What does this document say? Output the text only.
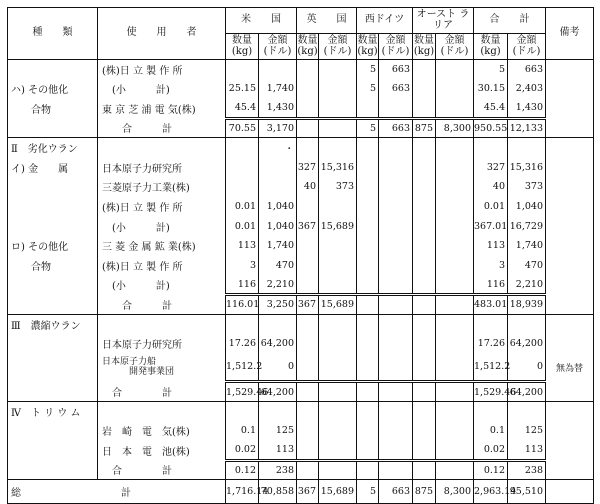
種　　類	使　　用　　者	米　　国		英　　国		西ドイツ		オースト ラリア		合　　計		備考
		数量 (kg)	金額 (ドル)	数量 (kg)	金額 (ドル)	数量 (kg)	金額 (ドル)	数量 (kg)	金額 (ドル)	数量 (kg)	金額 (ドル)	
	(株)日 立 製 作 所					5	663			5	663	
ハ) その他化	　(小　　　計)	25.15	1,740			5	663			30.15	2,403	
　　合物	東 京 芝 浦 電 気(株)	45.4	1,430							45.4	1,430	
	　　合　　　計	70.55	3,170			5	663	875	8,300	950.55	12,133	
Ⅱ　劣化ウラン			・									
イ) 金　　属	日本原子力研究所			327	15,316					327	15,316	
	三菱原子力工業(株)			40	373					40	373	
	(株)日 立 製 作 所	0.01	1,040							0.01	1,040	
	　(小　　　計)	0.01	1,040	367	15,689					367.01	16,729	
ロ) その他化	三 菱 金 属 鉱 業(株)	113	1,740							113	1,740	
　　合物	(株)日 立 製 作 所	3	470							3	470	
	　(小　　　計)	116	2,210							116	2,210	
	　　合　　　計	116.01	3,250	367	15,689					483.01	18,939	
Ⅲ　濃縮ウラン												
	日本原子力研究所	17.26	64,200							17.26	64,200	
	日本原子力船
　　　開発事業団	1,512.2	0							1,512.2	0	無為替
	　合　　　　計	1,529.46	64,200							1,529.46	64,200	
Ⅳ　ト リ ウ ム												
	岩　崎　電　気(株)	0.1	125							0.1	125	
	日　本　電　池(株)	0.02	113							0.02	113	
	　合　　　　計	0.12	238							0.12	238	
総　　　　　　　　　　計		1,716.14	70,858	367	15,689	5	663	875	8,300	2,963.14	95,510	
